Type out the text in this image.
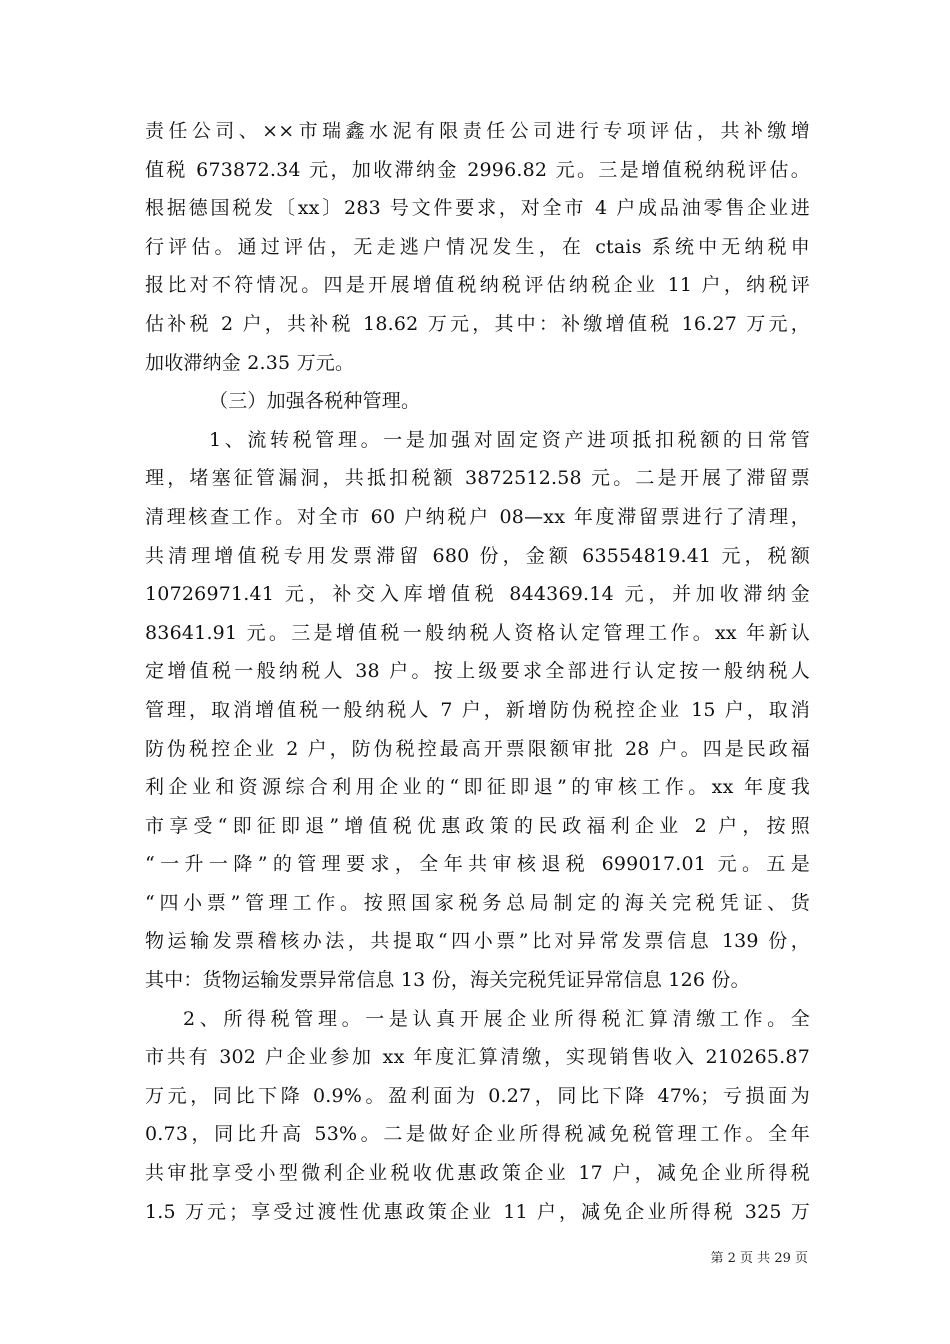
责任公司、××市瑞鑫水泥有限责任公司进行专项评估，共补缴增
值税 673872.34 元，加收滞纳金 2996.82 元。三是增值税纳税评估。
根据德国税发〔xx〕283 号文件要求，对全市 4 户成品油零售企业进
行评估。通过评估，无走逃户情况发生，在 ctais 系统中无纳税申
报比对不符情况。四是开展增值税纳税评估纳税企业 11 户，纳税评
估补税 2 户，共补税 18.62 万元，其中：补缴增值税 16.27 万元，
加收滞纳金 2.35 万元。
（三）加强各税种管理。
1、流转税管理。一是加强对固定资产进项抵扣税额的日常管
理，堵塞征管漏洞，共抵扣税额 3872512.58 元。二是开展了滞留票
清理核查工作。对全市 60 户纳税户 08—xx 年度滞留票进行了清理，
共清理增值税专用发票滞留 680 份，金额 63554819.41 元，税额
10726971.41 元，补交入库增值税 844369.14 元，并加收滞纳金
83641.91 元。三是增值税一般纳税人资格认定管理工作。xx 年新认
定增值税一般纳税人 38 户。按上级要求全部进行认定按一般纳税人
管理，取消增值税一般纳税人 7 户，新增防伪税控企业 15 户，取消
防伪税控企业 2 户，防伪税控最高开票限额审批 28 户。四是民政福
利企业和资源综合利用企业的“即征即退”的审核工作。xx 年度我
市享受“即征即退”增值税优惠政策的民政福利企业 2 户，按照
“一升一降”的管理要求，全年共审核退税 699017.01 元。五是
“四小票”管理工作。按照国家税务总局制定的海关完税凭证、货
物运输发票稽核办法，共提取“四小票”比对异常发票信息 139 份，
其中：货物运输发票异常信息 13 份，海关完税凭证异常信息 126 份。
2、所得税管理。一是认真开展企业所得税汇算清缴工作。全
市共有 302 户企业参加 xx 年度汇算清缴，实现销售收入 210265.87
万元，同比下降 0.9%。盈利面为 0.27，同比下降 47%；亏损面为
0.73，同比升高 53%。二是做好企业所得税减免税管理工作。全年
共审批享受小型微利企业税收优惠政策企业 17 户，减免企业所得税
1.5 万元；享受过渡性优惠政策企业 11 户，减免企业所得税 325 万
第 2 页 共 29 页
